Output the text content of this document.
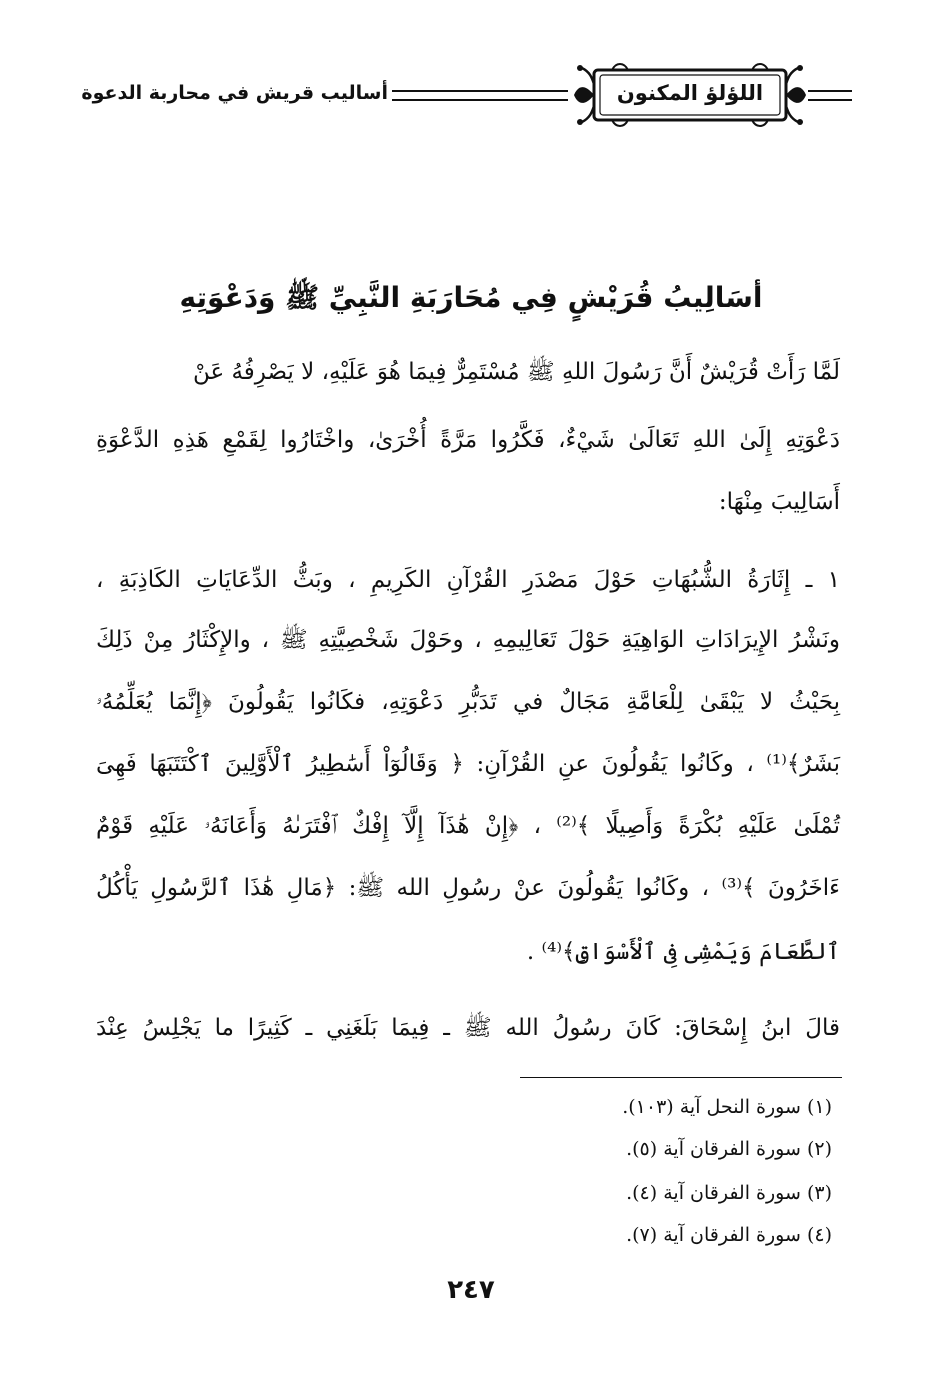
اللؤلؤ المكنون
أساليب قريش في محاربة الدعوة
أسَالِيبُ قُرَيْشٍ فِي مُحَارَبَةِ النَّبِيِّ ﷺ وَدَعْوَتِهِ
لَمَّا رَأَتْ قُرَيْشٌ أَنَّ رَسُولَ اللهِ ﷺ مُسْتَمِرٌّ فِيمَا هُوَ عَلَيْهِ، لا يَصْرِفُهُ عَنْ
دَعْوَتِهِ إِلَىٰ اللهِ تَعَالَىٰ شَيْءٌ، فَكَّرُوا مَرَّةً أُخْرَىٰ، واخْتَارُوا لِقَمْعِ هَذِهِ الدَّعْوَةِ
أَسَالِيبَ مِنْهَا:
١ ـ إِثَارَةُ الشُّبُهَاتِ حَوْلَ مَصْدَرِ القُرْآنِ الكَرِيمِ ، وبَثُّ الدِّعَايَاتِ الكَاذِبَةِ ،
ونَشْرُ الإِيرَادَاتِ الوَاهِيَةِ حَوْلَ تَعَالِيمِهِ ، وحَوْلَ شَخْصِيَّتِهِ ﷺ ، والإِكْثَارُ مِنْ ذَلِكَ
بِحَيْثُ لا يَبْقَىٰ لِلْعَامَّةِ مَجَالٌ في تَدَبُّرِ دَعْوَتِهِ، فكَانُوا يَقُولُونَ ﴿إِنَّمَا يُعَلِّمُهُۥ
بَشَرٌ﴾⁽¹⁾ ، وكَانُوا يَقُولُونَ عنِ القُرْآنِ: ﴿ وَقَالُوٓاْ أَسَٰطِيرُ ٱلْأَوَّلِينَ ٱكْتَتَبَهَا فَهِىَ
تُمْلَىٰ عَلَيْهِ بُكْرَةً وَأَصِيلًا ﴾⁽²⁾ ، ﴿إِنْ هَٰذَآ إِلَّآ إِفْكٌ ٱفْتَرَىٰهُ وَأَعَانَهُۥ عَلَيْهِ قَوْمٌ
ءَاخَرُونَ ﴾⁽³⁾ ، وكَانُوا يَقُولُونَ عنْ رسُولِ الله ﷺ: ﴿مَالِ هَٰذَا ٱلرَّسُولِ يَأْكُلُ
ٱلطَّعَامَ وَيَمْشِى فِى ٱلْأَسْوَاقِ﴾⁽⁴⁾ .
قالَ ابنُ إِسْحَاقَ: كَانَ رسُولُ الله ﷺ ـ فِيمَا بَلَغَنِي ـ كَثِيرًا ما يَجْلِسُ عِنْدَ
(١) سورة النحل آية (١٠٣).
(٢) سورة الفرقان آية (٥).
(٣) سورة الفرقان آية (٤).
(٤) سورة الفرقان آية (٧).
٢٤٧
